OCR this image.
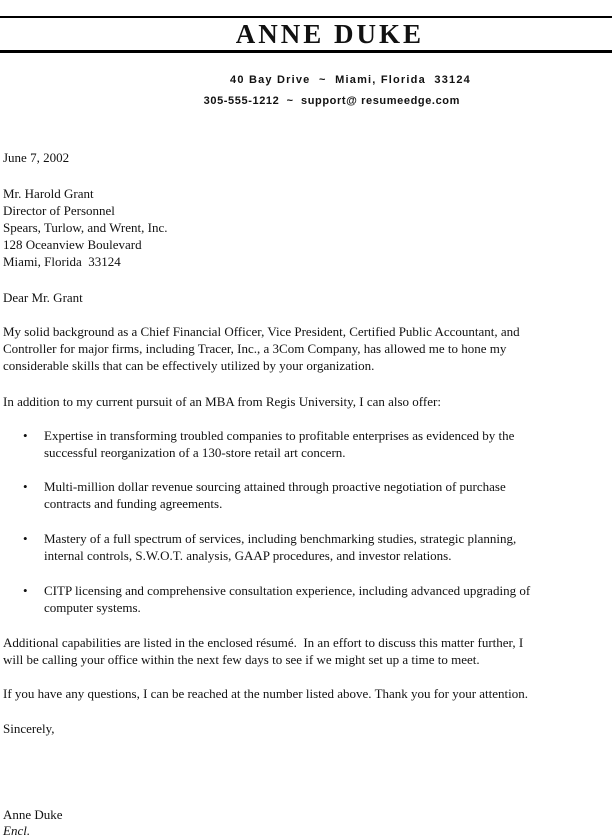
ANNE DUKE
40 Bay Drive  ~  Miami, Florida  33124
305-555-1212  ~  support@ resumeedge.com
June 7, 2002
Mr. Harold Grant
Director of Personnel
Spears, Turlow, and Wrent, Inc.
128 Oceanview Boulevard
Miami, Florida  33124
Dear Mr. Grant
My solid background as a Chief Financial Officer, Vice President, Certified Public Accountant, and
Controller for major firms, including Tracer, Inc., a 3Com Company, has allowed me to hone my
considerable skills that can be effectively utilized by your organization.
In addition to my current pursuit of an MBA from Regis University, I can also offer:
• Expertise in transforming troubled companies to profitable enterprises as evidenced by the
successful reorganization of a 130-store retail art concern.
• Multi-million dollar revenue sourcing attained through proactive negotiation of purchase
contracts and funding agreements.
• Mastery of a full spectrum of services, including benchmarking studies, strategic planning,
internal controls, S.W.O.T. analysis, GAAP procedures, and investor relations.
• CITP licensing and comprehensive consultation experience, including advanced upgrading of
computer systems.
Additional capabilities are listed in the enclosed résumé.  In an effort to discuss this matter further, I
will be calling your office within the next few days to see if we might set up a time to meet.
If you have any questions, I can be reached at the number listed above. Thank you for your attention.
Sincerely,
Anne Duke
Encl.
